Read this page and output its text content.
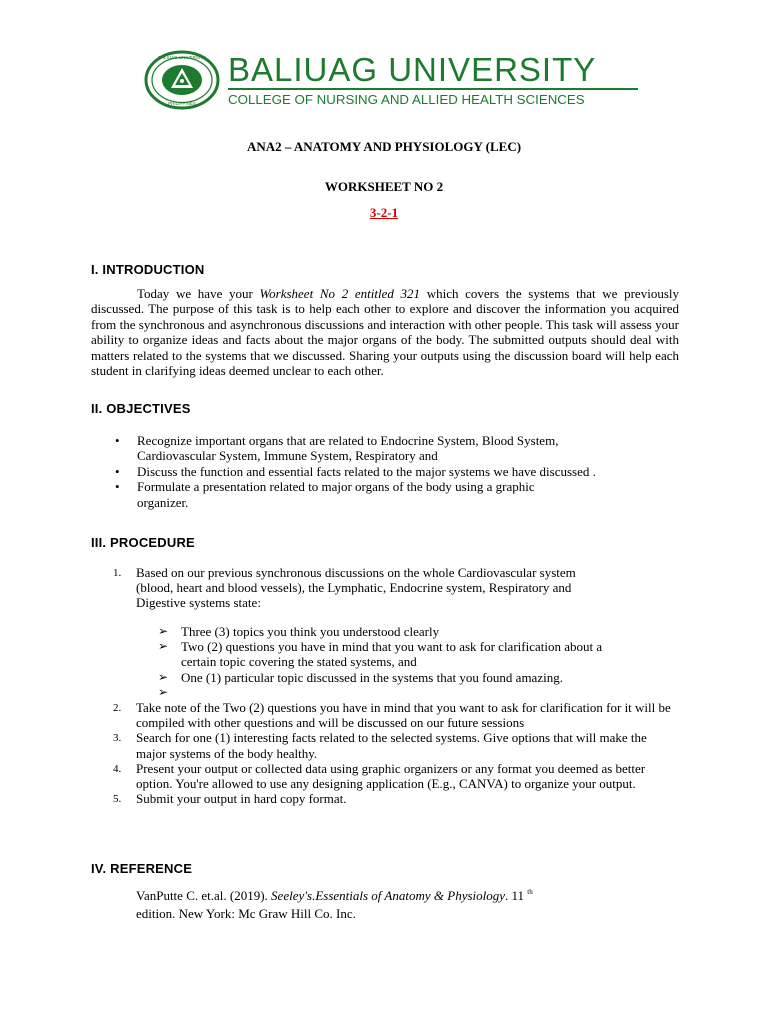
BALIUAG UNIVERSITY
PHILIPPINES
BALIUAG UNIVERSITY
COLLEGE OF NURSING AND ALLIED HEALTH SCIENCES
ANA2 – ANATOMY AND PHYSIOLOGY (LEC)
WORKSHEET NO 2
3-2-1
I. INTRODUCTION
Today we have your Worksheet No 2 entitled 321 which covers the systems that we previously discussed. The purpose of this task is to help each other to explore and discover the information you acquired from the synchronous and asynchronous discussions and interaction with other people. This task will assess your ability to organize ideas and facts about the major organs of the body. The submitted outputs should deal with matters related to the systems that we discussed. Sharing your outputs using the discussion board will help each student in clarifying ideas deemed unclear to each other.
II. OBJECTIVES
• Recognize important organs that are related to Endocrine System, Blood System, Cardiovascular System, Immune System, Respiratory and
• Discuss the function and essential facts related to the major systems we have discussed .
• Formulate a presentation related to major organs of the body using a graphic organizer.
III. PROCEDURE
1. Based on our previous synchronous discussions on the whole Cardiovascular system (blood, heart and blood vessels), the Lymphatic, Endocrine system, Respiratory and Digestive systems state:
➢ Three (3) topics you think you understood clearly
➢ Two (2) questions you have in mind that you want to ask for clarification about a certain topic covering the stated systems, and
➢ One (1) particular topic discussed in the systems that you found amazing.
➢
2. Take note of the Two (2) questions you have in mind that you want to ask for clarification for it will be compiled with other questions and will be discussed on our future sessions
3. Search for one (1) interesting facts related to the selected systems. Give options that will make the major systems of the body healthy.
4. Present your output or collected data using graphic organizers or any format you deemed as better option. You're allowed to use any designing application (E.g., CANVA) to organize your output.
5. Submit your output in hard copy format.
IV. REFERENCE
VanPutte C. et.al. (2019). Seeley's.Essentials of Anatomy & Physiology. 11 $^{th}$
edition. New York: Mc Graw Hill Co. Inc.
